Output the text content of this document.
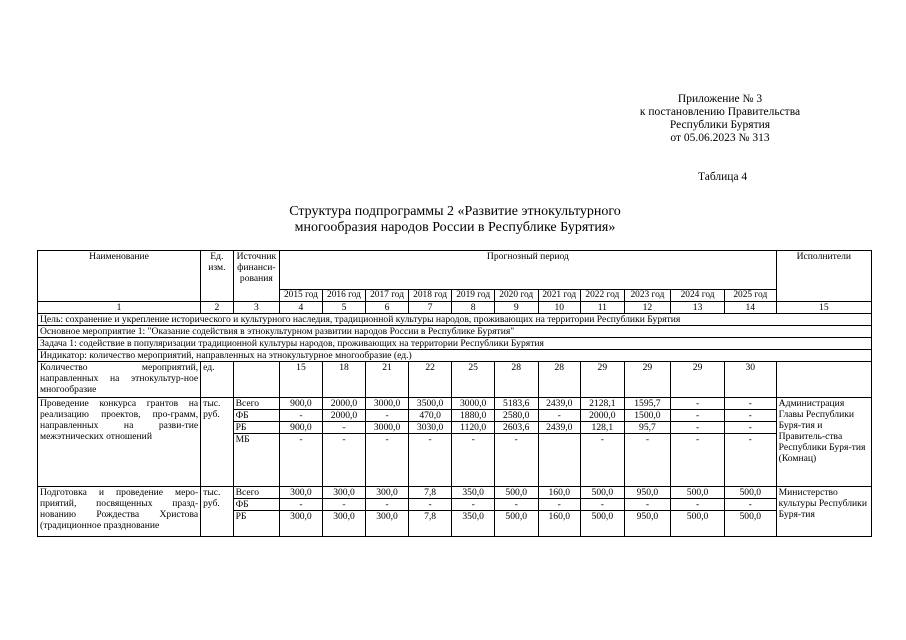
Приложение № 3
к постановлению Правительства
Республики Бурятия
от 05.06.2023 № 313
Таблица 4
Структура подпрограммы 2 «Развитие этнокультурного
многообразия народов России в Республике Бурятия»
Наименование	Ед. изм.	Источник финанси-рования	Прогнозный период											Исполнители
			2015 год	2016 год	2017 год	2018 год	2019 год	2020 год	2021 год	2022 год	2023 год	2024 год	2025 год	
1	2	3	4	5	6	7	8	9	10	11	12	13	14	15
Цель: сохранение и укрепление исторического и культурного наследия, традиционной культуры народов, проживающих на территории Республики Бурятия														
Основное мероприятие 1: "Оказание содействия в этнокультурном развитии народов России в Республике Бурятия"														
Задача 1: содействие в популяризации традиционной культуры народов, проживающих на территории Республики Бурятия														
Индикатор: количество мероприятий, направленных на этнокультурное многообразие (ед.)														
Количество мероприятий, направленных на этнокультур-ное многообразие	ед.		15	18	21	22	25	28	28	29	29	29	30	
Проведение конкурса грантов на реализацию проектов, про-грамм, направленных на разви-тие межэтнических отношений	тыс. руб.	Всего	900,0	2000,0	3000,0	3500,0	3000,0	5183,6	2439,0	2128,1	1595,7	-	-	Администрация Главы Республики Буря-тия и Правитель-ства Республики Буря-тия (Комнац)
		ФБ	-	2000,0	-	470,0	1880,0	2580,0	-	2000,0	1500,0	-	-	
		РБ	900,0	-	3000,0	3030,0	1120,0	2603,6	2439,0	128,1	95,7	-	-	
		МБ	-	-	-	-	-	-		-	-	-	-	
Подготовка и проведение меро-приятий, посвященных празд-нованию Рождества Христова (традиционное празднование	тыс. руб.	Всего	300,0	300,0	300,0	7,8	350,0	500,0	160,0	500,0	950,0	500,0	500,0	Министерство культуры Республики Буря-тия
		ФБ	-	-	-	-	-	-	-	-	-	-	-	
		РБ	300,0	300,0	300,0	7,8	350,0	500,0	160,0	500,0	950,0	500,0	500,0	
